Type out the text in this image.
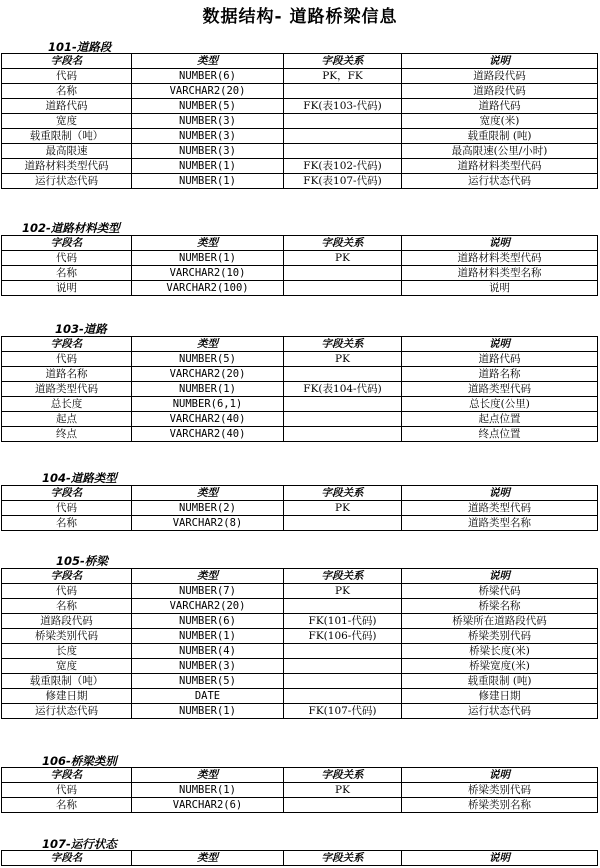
数据结构- 道路桥梁信息
101-道路段
字段名	类型	字段关系	说明
代码	NUMBER(6)	PK，FK	道路段代码
名称	VARCHAR2(20)		道路段代码
道路代码	NUMBER(5)	FK(表103-代码)	道路代码
宽度	NUMBER(3)		宽度(米)
载重限制（吨）	NUMBER(3)		载重限制 (吨)
最高限速	NUMBER(3)		最高限速(公里/小时)
道路材料类型代码	NUMBER(1)	FK(表102-代码)	道路材料类型代码
运行状态代码	NUMBER(1)	FK(表107-代码)	运行状态代码
102-道路材料类型
字段名	类型	字段关系	说明
代码	NUMBER(1)	PK	道路材料类型代码
名称	VARCHAR2(10)		道路材料类型名称
说明	VARCHAR2(100)		说明
103-道路
字段名	类型	字段关系	说明
代码	NUMBER(5)	PK	道路代码
道路名称	VARCHAR2(20)		道路名称
道路类型代码	NUMBER(1)	FK(表104-代码)	道路类型代码
总长度	NUMBER(6,1)		总长度(公里)
起点	VARCHAR2(40)		起点位置
终点	VARCHAR2(40)		终点位置
104-道路类型
字段名	类型	字段关系	说明
代码	NUMBER(2)	PK	道路类型代码
名称	VARCHAR2(8)		道路类型名称
105-桥梁
字段名	类型	字段关系	说明
代码	NUMBER(7)	PK	桥梁代码
名称	VARCHAR2(20)		桥梁名称
道路段代码	NUMBER(6)	FK(101-代码)	桥梁所在道路段代码
桥梁类别代码	NUMBER(1)	FK(106-代码)	桥梁类别代码
长度	NUMBER(4)		桥梁长度(米)
宽度	NUMBER(3)		桥梁宽度(米)
载重限制（吨）	NUMBER(5)		载重限制 (吨)
修建日期	DATE		修建日期
运行状态代码	NUMBER(1)	FK(107-代码)	运行状态代码
106-桥梁类别
字段名	类型	字段关系	说明
代码	NUMBER(1)	PK	桥梁类别代码
名称	VARCHAR2(6)		桥梁类别名称
107-运行状态
字段名	类型	字段关系	说明
